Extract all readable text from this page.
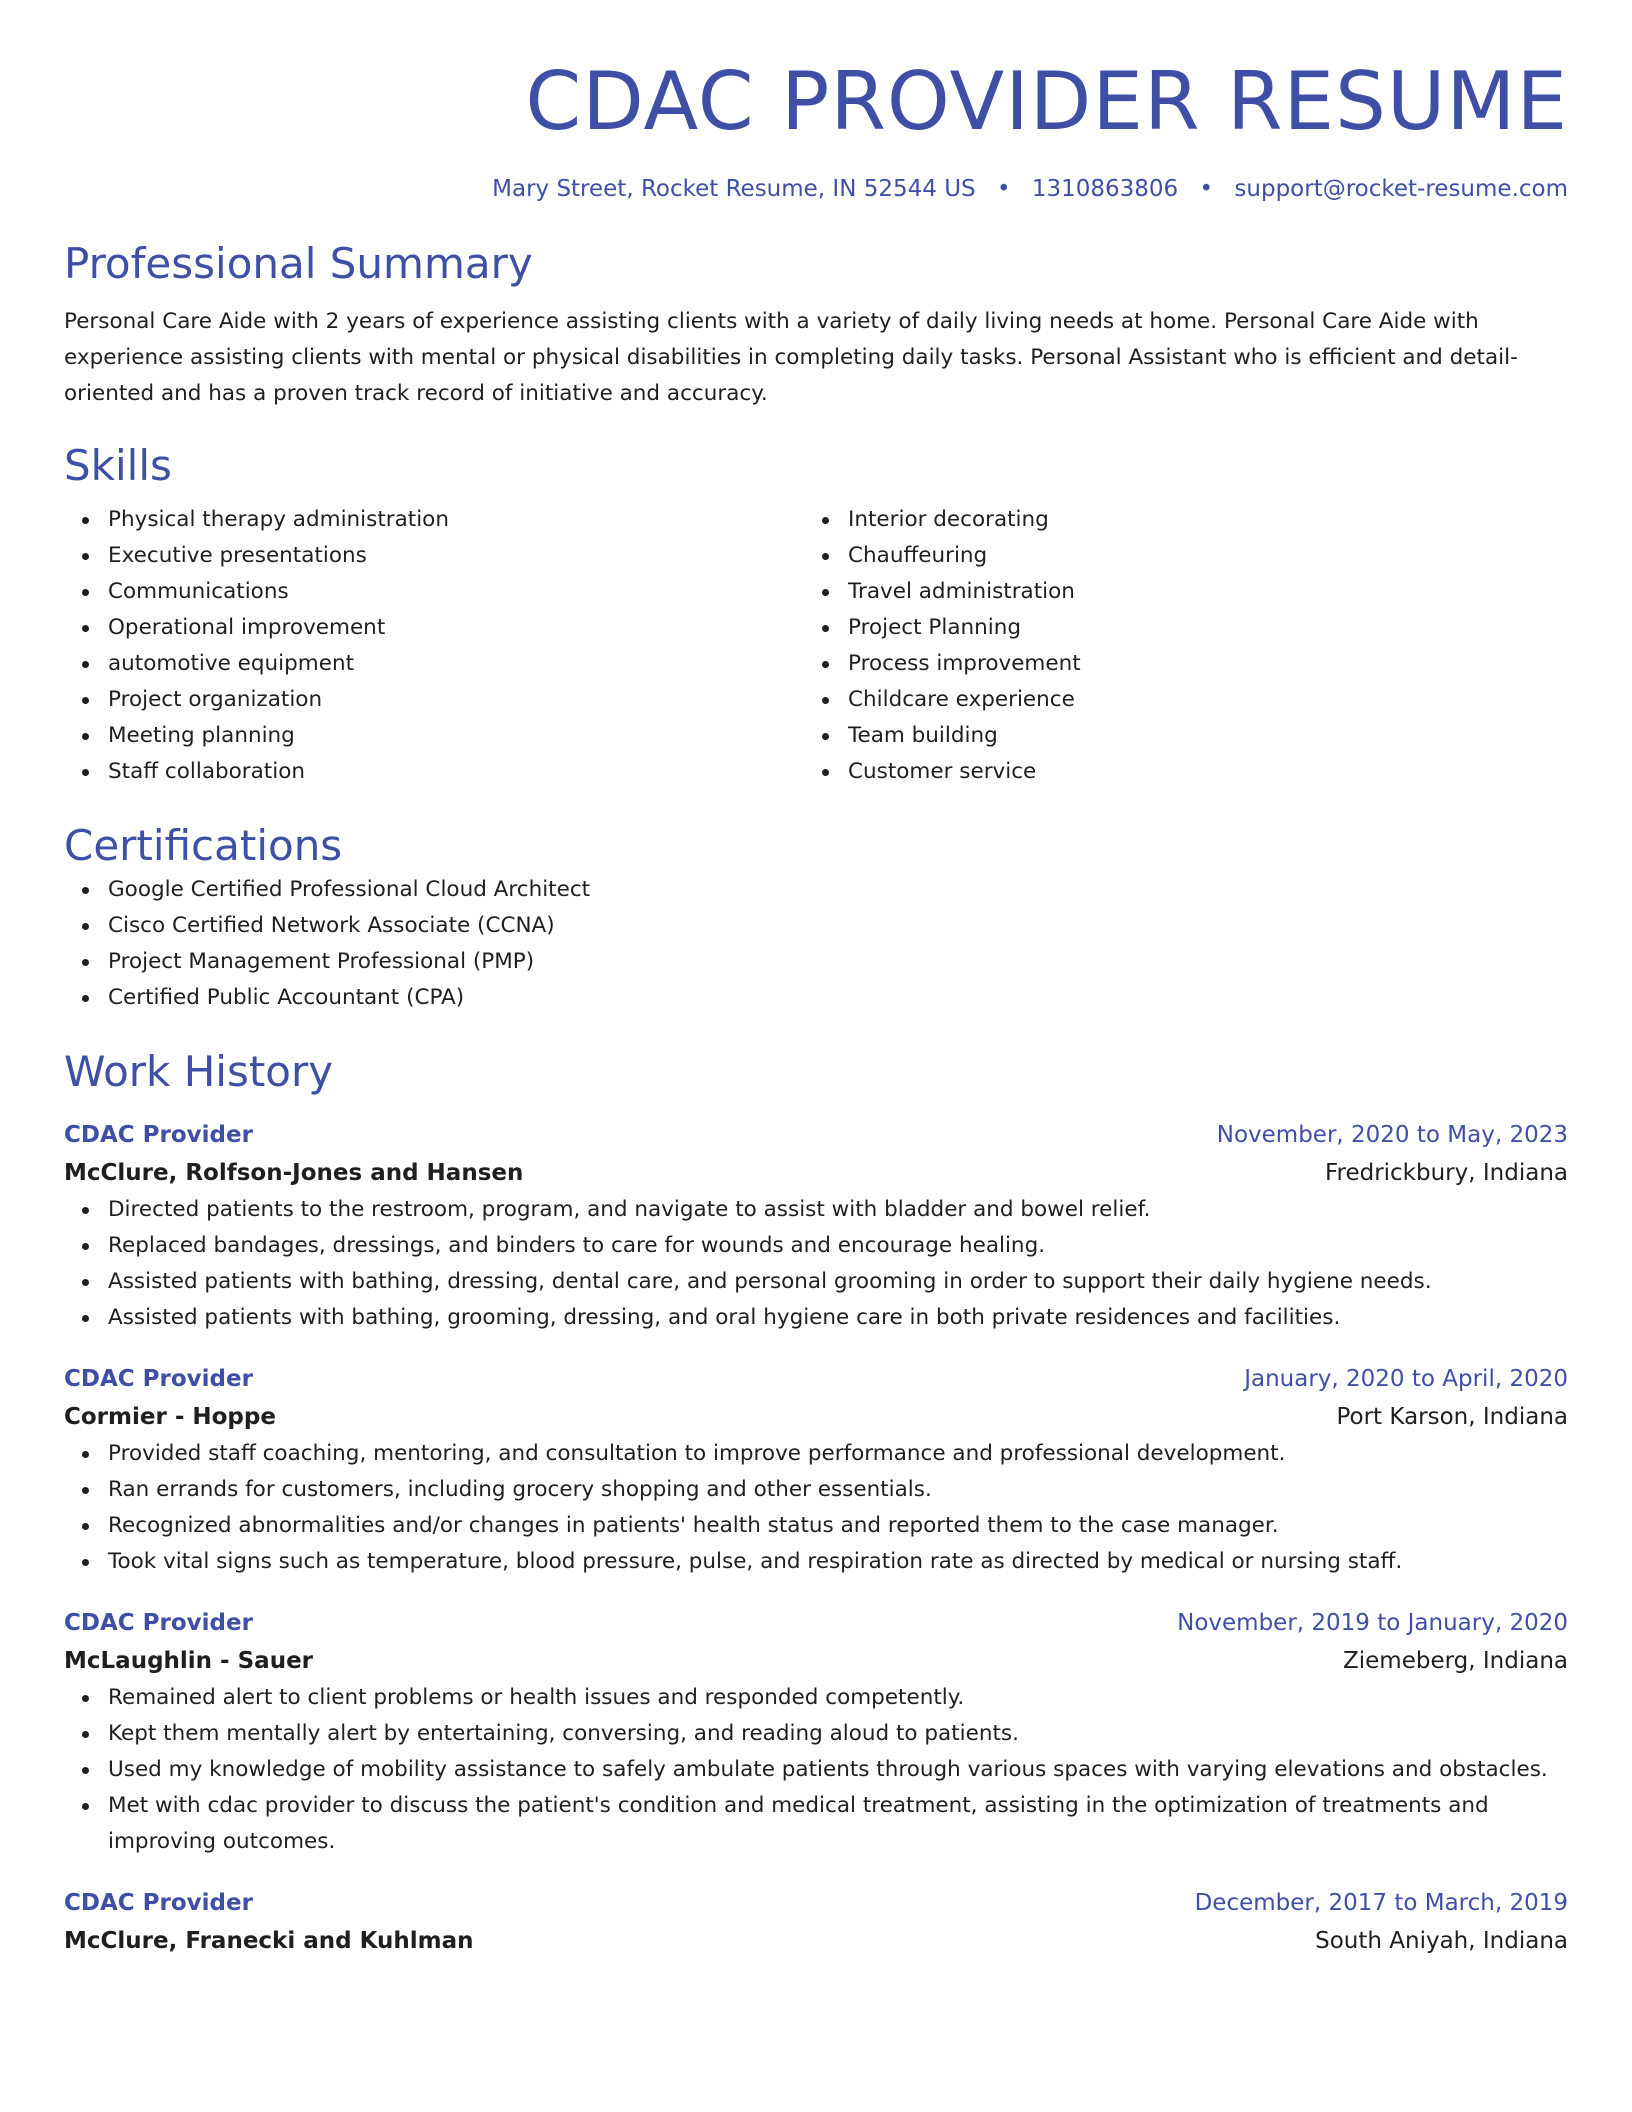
CDAC PROVIDER RESUME
Mary Street, Rocket Resume, IN 52544 US • 1310863806 • support@rocket-resume.com
Professional Summary

Personal Care Aide with 2 years of experience assisting clients with a variety of daily living needs at home. Personal Care Aide with experience assisting clients with mental or physical disabilities in completing daily tasks. Personal Assistant who is efficient and detail-oriented and has a proven track record of initiative and accuracy.

Skills
Physical therapy administration
Executive presentations
Communications
Operational improvement
automotive equipment
Project organization
Meeting planning
Staff collaboration
Interior decorating
Chauffeuring
Travel administration
Project Planning
Process improvement
Childcare experience
Team building
Customer service
Certifications
Google Certified Professional Cloud Architect
Cisco Certified Network Associate (CCNA)
Project Management Professional (PMP)
Certified Public Accountant (CPA)
Work History
CDAC Provider	November, 2020 to May, 2023
McClure, Rolfson-Jones and Hansen	Fredrickbury, Indiana
Directed patients to the restroom, program, and navigate to assist with bladder and bowel relief.
Replaced bandages, dressings, and binders to care for wounds and encourage healing.
Assisted patients with bathing, dressing, dental care, and personal grooming in order to support their daily hygiene needs.
Assisted patients with bathing, grooming, dressing, and oral hygiene care in both private residences and facilities.
CDAC Provider	January, 2020 to April, 2020
Cormier - Hoppe	Port Karson, Indiana
Provided staff coaching, mentoring, and consultation to improve performance and professional development.
Ran errands for customers, including grocery shopping and other essentials.
Recognized abnormalities and/or changes in patients' health status and reported them to the case manager.
Took vital signs such as temperature, blood pressure, pulse, and respiration rate as directed by medical or nursing staff.
CDAC Provider	November, 2019 to January, 2020
McLaughlin - Sauer	Ziemeberg, Indiana
Remained alert to client problems or health issues and responded competently.
Kept them mentally alert by entertaining, conversing, and reading aloud to patients.
Used my knowledge of mobility assistance to safely ambulate patients through various spaces with varying elevations and obstacles.
Met with cdac provider to discuss the patient's condition and medical treatment, assisting in the optimization of treatments and improving outcomes.
CDAC Provider	December, 2017 to March, 2019
McClure, Franecki and Kuhlman	South Aniyah, Indiana
